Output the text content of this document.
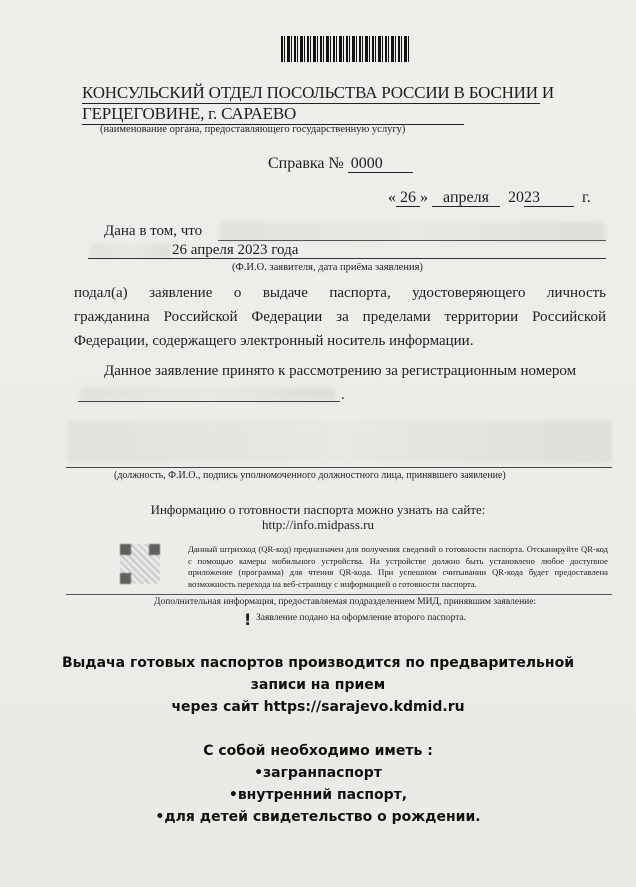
КОНСУЛЬСКИЙ ОТДЕЛ ПОСОЛЬСТВА РОССИИ В БОСНИИ И
ГЕРЦЕГОВИНЕ, г. САРАЕВО
(наименование органа, предоставляющего государственную услугу)
Справка № 0000
« 26 » апреля 2023	г.
Дана в том, что
26 апреля 2023 года
(Ф.И.О. заявителя, дата приёма заявления)
подал(а) заявление о выдаче паспорта, удостоверяющего личность
гражданина Российской Федерации за пределами территории Российской
Федерации, содержащего электронный носитель информации.
Данное заявление принято к рассмотрению за регистрационным номером
.
(должность, Ф.И.О., подпись уполномоченного должностного лица, принявшего заявление)
Информацию о готовности паспорта можно узнать на сайте:
http://info.midpass.ru
Данный штрихкод (QR-код) предназначен для получения сведений о готовности паспорта. Отсканируйте QR-код с помощью камеры мобильного устройства. На устройстве должно быть установлено любое доступное приложение (программа) для чтения QR-кода. При успешном считывании QR-кода будет предоставлена возможность перехода на веб-страницу с информацией о готовности паспорта.
Дополнительная информация, предоставляемая подразделением МИД, принявшим заявление:
! Заявление подано на оформление второго паспорта.
Выдача готовых паспортов производится по предварительной
записи на прием
через сайт https://sarajevo.kdmid.ru
С собой необходимо иметь :
•загранпаспорт
•внутренний паспорт,
•для детей свидетельство о рождении.
